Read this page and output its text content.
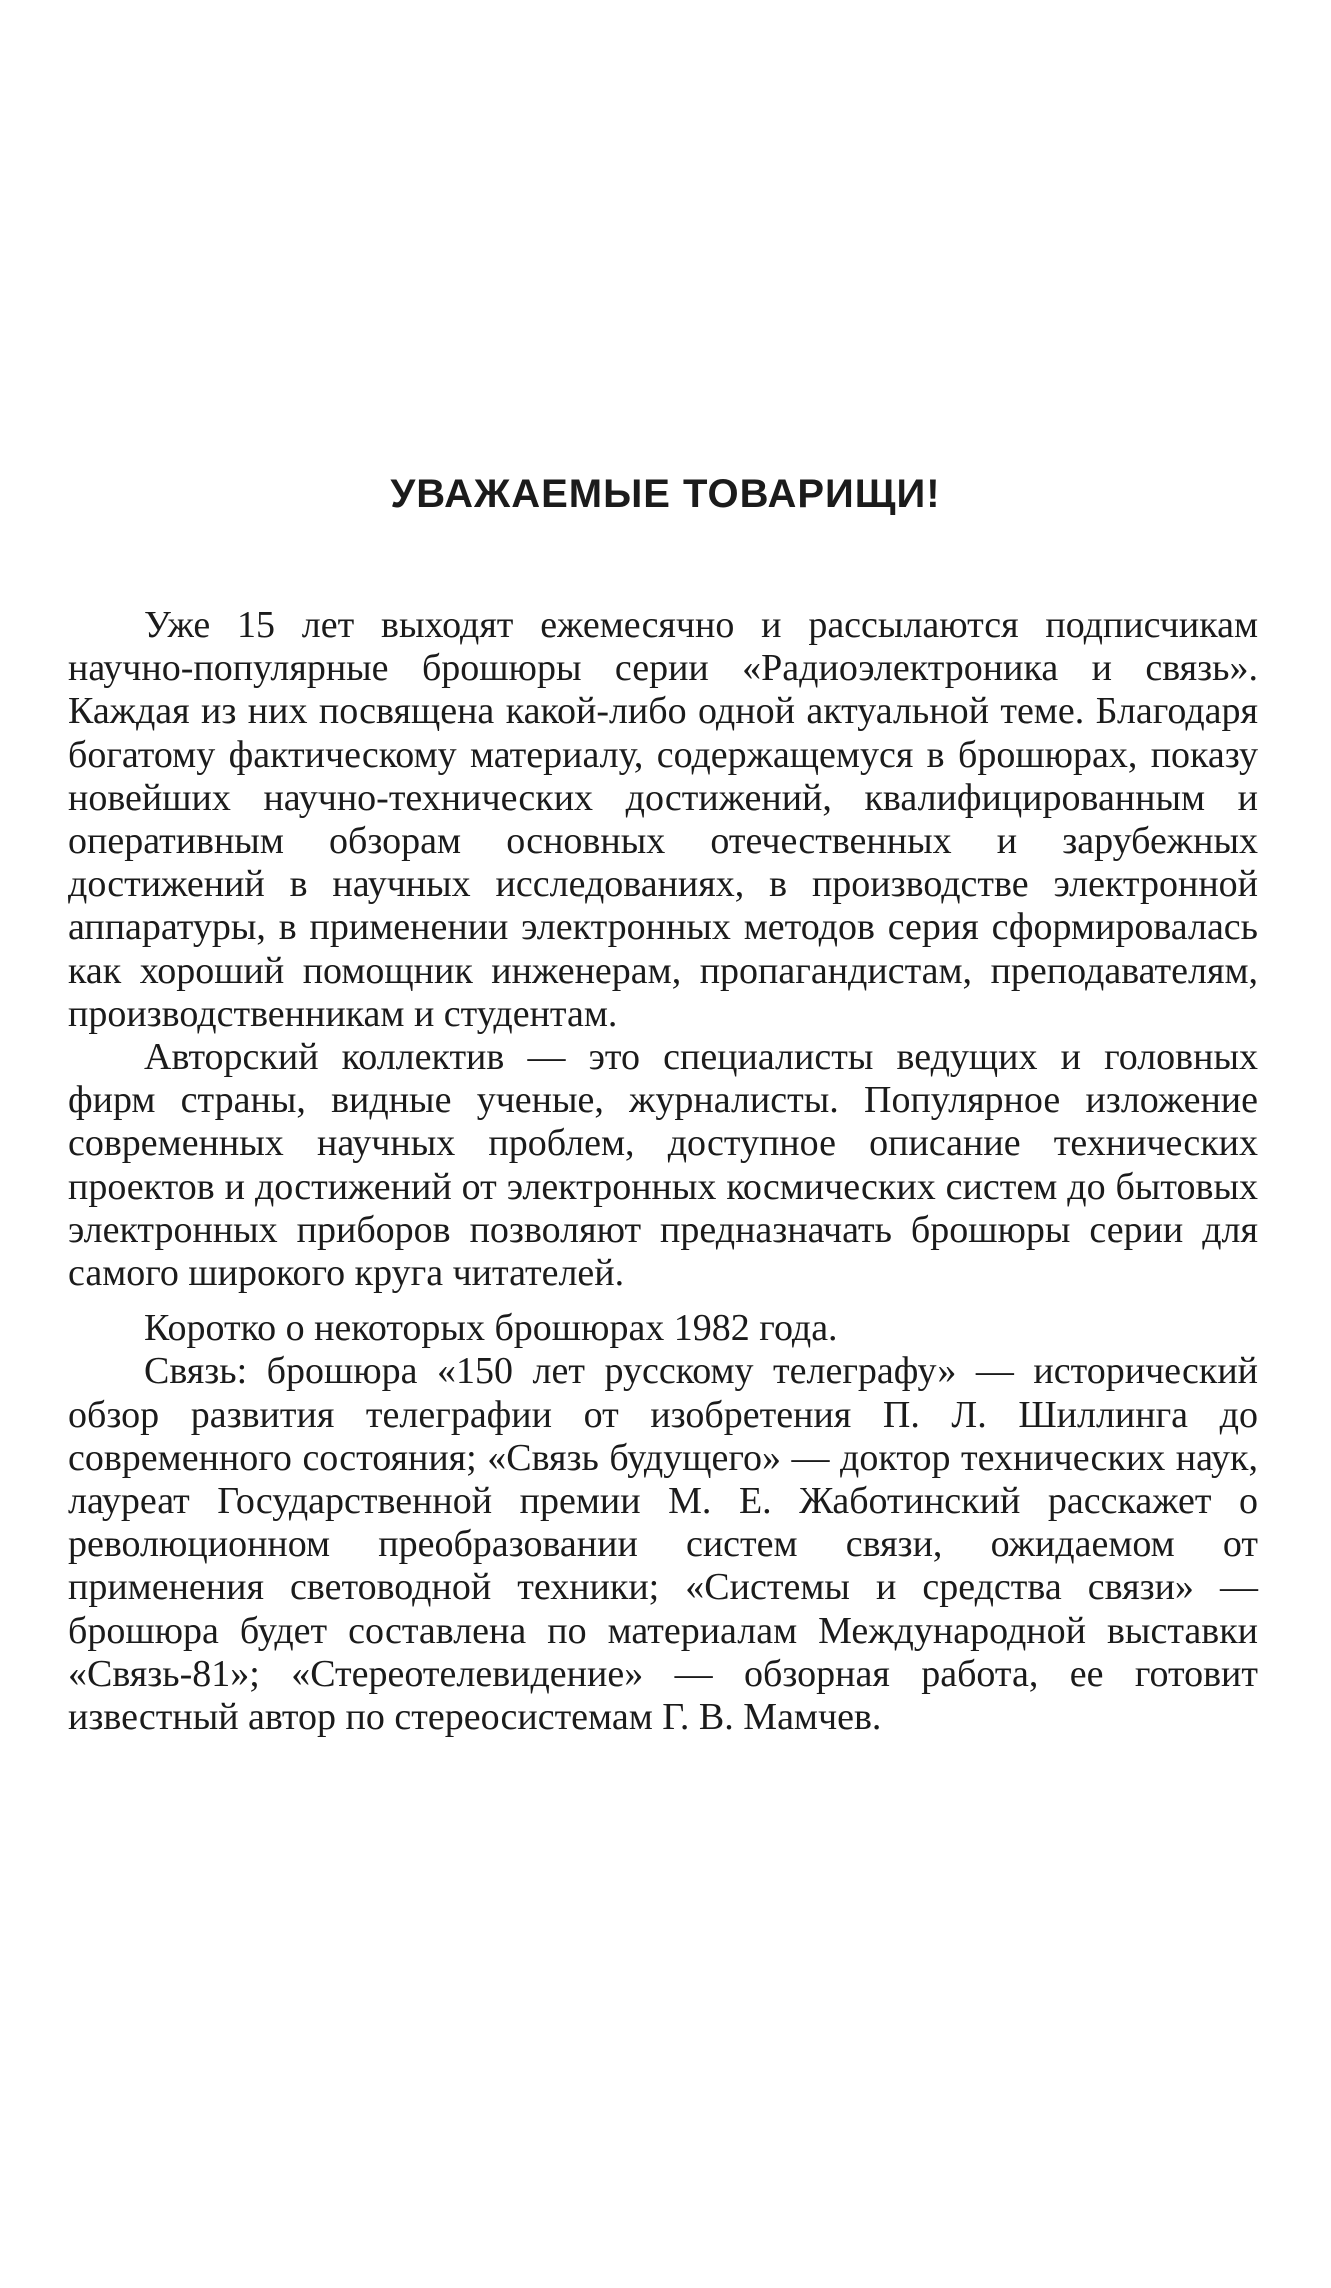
УВАЖАЕМЫЕ ТОВАРИЩИ!

Уже 15 лет выходят ежемесячно и рассылаются подписчикам научно-популярные брошюры серии «Радиоэлектроника и связь». Каждая из них посвящена какой-либо одной актуальной теме. Благодаря богатому фактическому материалу, содержащемуся в брошюрах, показу новейших научно-технических достижений, квалифицированным и оперативным обзорам основных отечественных и зарубежных достижений в научных исследованиях, в производстве электронной аппаратуры, в применении электронных методов серия сформировалась как хороший помощник инженерам, пропагандистам, преподавателям, производственникам и студентам.

Авторский коллектив — это специалисты ведущих и головных фирм страны, видные ученые, журналисты. Популярное изложение современных научных проблем, доступное описание технических проектов и достижений от электронных космических систем до бытовых электронных приборов позволяют предназначать брошюры серии для самого широкого круга читателей.

Коротко о некоторых брошюрах 1982 года.

Связь: брошюра «150 лет русскому телеграфу» — исторический обзор развития телеграфии от изобретения П. Л. Шиллинга до современного состояния; «Связь будущего» — доктор технических наук, лауреат Государственной премии М. Е. Жаботинский расскажет о революционном преобразовании систем связи, ожидаемом от применения световодной техники; «Системы и средства связи» — брошюра будет составлена по материалам Международной выставки «Связь-81»; «Стереотелевидение» — обзорная работа, ее готовит известный автор по стереосистемам Г. В. Мамчев.
